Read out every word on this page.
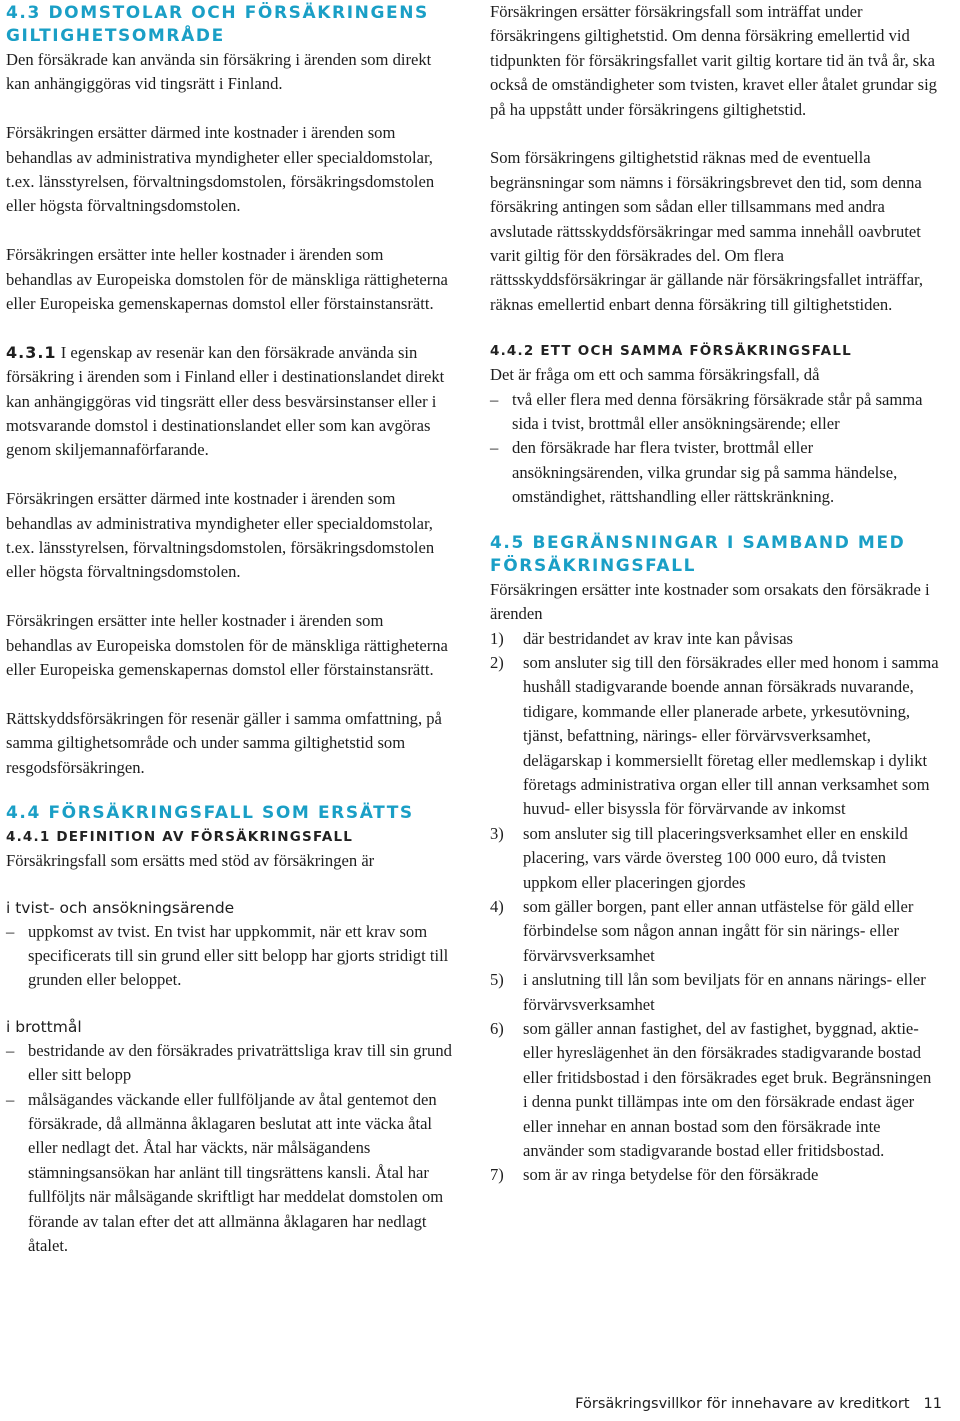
4.3 DOMSTOLAR OCH FÖRSÄKRINGENS GILTIGHETSOMRÅDE

Den försäkrade kan använda sin försäkring i ärenden som direkt kan anhängiggöras vid tingsrätt i Finland.

Försäkringen ersätter därmed inte kostnader i ärenden som behandlas av administrativa myndigheter eller specialdomstolar, t.ex. länsstyrelsen, förvaltningsdomstolen, försäkringsdomstolen eller högsta förvaltningsdomstolen.

Försäkringen ersätter inte heller kostnader i ärenden som behandlas av Europeiska domstolen för de mänskliga rättigheterna eller Europeiska gemenskapernas domstol eller förstainstansrätt.

4.3.1 I egenskap av resenär kan den försäkrade använda sin försäkring i ärenden som i Finland eller i destinationslandet direkt kan anhängiggöras vid tingsrätt eller dess besvärsinstanser eller i motsvarande domstol i destinationslandet eller som kan avgöras genom skiljemannaförfarande.

Försäkringen ersätter därmed inte kostnader i ärenden som behandlas av administrativa myndigheter eller specialdomstolar, t.ex. länsstyrelsen, förvaltningsdomstolen, försäkringsdomstolen eller högsta förvaltningsdomstolen.

Försäkringen ersätter inte heller kostnader i ärenden som behandlas av Europeiska domstolen för de mänskliga rättigheterna eller Europeiska gemenskapernas domstol eller förstainstansrätt.

Rättskyddsförsäkringen för resenär gäller i samma omfattning, på samma giltighetsområde och under samma giltighetstid som resgodsförsäkringen.

4.4 FÖRSÄKRINGSFALL SOM ERSÄTTS
4.4.1 DEFINITION AV FÖRSÄKRINGSFALL

Försäkringsfall som ersätts med stöd av försäkringen är

i tvist- och ansökningsärende

– uppkomst av tvist. En tvist har uppkommit, när ett krav som specificerats till sin grund eller sitt belopp har gjorts stridigt till grunden eller beloppet.

i brottmål

– bestridande av den försäkrades privaträttsliga krav till sin grund eller sitt belopp

– målsägandes väckande eller fullföljande av åtal gentemot den försäkrade, då allmänna åklagaren beslutat att inte väcka åtal eller nedlagt det. Åtal har väckts, när målsägandens stämningsansökan har anlänt till tingsrättens kansli. Åtal har fullföljts när målsägande skriftligt har meddelat domstolen om förande av talan efter det att allmänna åklagaren har nedlagt åtalet.

Försäkringen ersätter försäkringsfall som inträffat under försäkringens giltighetstid. Om denna försäkring emellertid vid tidpunkten för försäkringsfallet varit giltig kortare tid än två år, ska också de omständigheter som tvisten, kravet eller åtalet grundar sig på ha uppstått under försäkringens giltighetstid.

Som försäkringens giltighetstid räknas med de eventuella begränsningar som nämns i försäkringsbrevet den tid, som denna försäkring antingen som sådan eller tillsammans med andra avslutade rättsskyddsförsäkringar med samma innehåll oavbrutet varit giltig för den försäkrades del. Om flera rättsskyddsförsäkringar är gällande när försäkringsfallet inträffar, räknas emellertid enbart denna försäkring till giltighetstiden.

4.4.2 ETT OCH SAMMA FÖRSÄKRINGSFALL

Det är fråga om ett och samma försäkringsfall, då

– två eller flera med denna försäkring försäkrade står på samma sida i tvist, brottmål eller ansökningsärende; eller

– den försäkrade har flera tvister, brottmål eller ansökningsärenden, vilka grundar sig på samma händelse, omständighet, rättshandling eller rättskränkning.

4.5 BEGRÄNSNINGAR I SAMBAND MED FÖRSÄKRINGSFALL

Försäkringen ersätter inte kostnader som orsakats den försäkrade i ärenden

1) där bestridandet av krav inte kan påvisas
2) som ansluter sig till den försäkrades eller med honom i samma hushåll stadigvarande boende annan försäkrads nuvarande, tidigare, kommande eller planerade arbete, yrkesutövning, tjänst, befattning, närings- eller förvärvsverksamhet, delägarskap i kommersiellt företag eller medlemskap i dylikt företags administrativa organ eller till annan verksamhet som huvud- eller bisyssla för förvärvande av inkomst
3) som ansluter sig till placeringsverksamhet eller en enskild placering, vars värde översteg 100 000 euro, då tvisten uppkom eller placeringen gjordes
4) som gäller borgen, pant eller annan utfästelse för gäld eller förbindelse som någon annan ingått för sin närings- eller förvärvsverksamhet
5) i anslutning till lån som beviljats för en annans närings- eller förvärvsverksamhet
6) som gäller annan fastighet, del av fastighet, byggnad, aktie- eller hyreslägenhet än den försäkrades stadigvarande bostad eller fritidsbostad i den försäkrades eget bruk. Begränsningen i denna punkt tillämpas inte om den försäkrade endast äger eller innehar en annan bostad som den försäkrade inte använder som stadigvarande bostad eller fritidsbostad.
7) som är av ringa betydelse för den försäkrade
Försäkringsvillkor för innehavare av kreditkort 11
